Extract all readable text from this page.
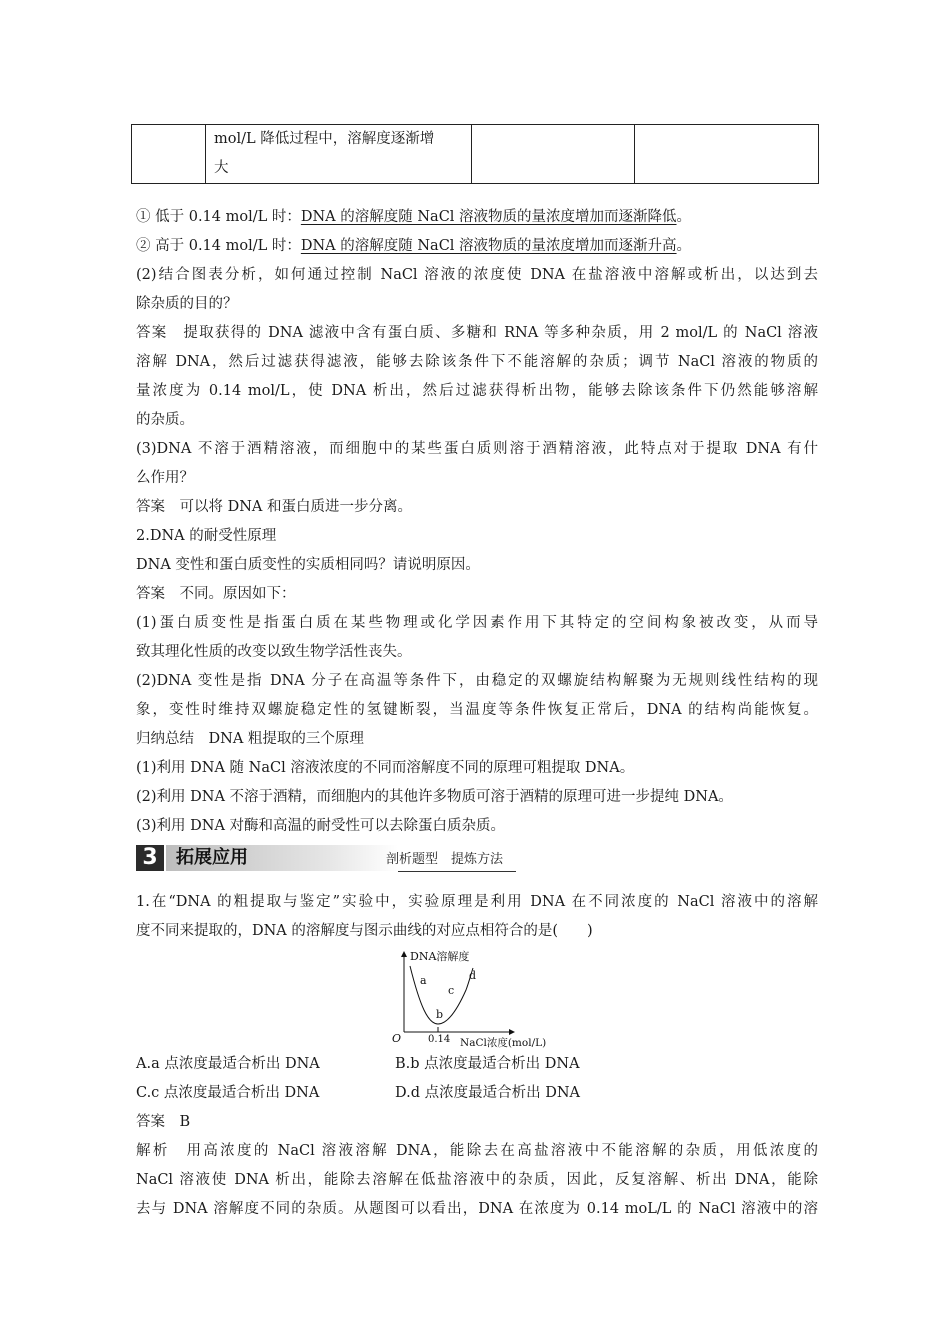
mol/L 降低过程中，溶解度逐渐增
大

① 低于 0.14 mol/L 时：DNA 的溶解度随 NaCl 溶液物质的量浓度增加而逐渐降低。
② 高于 0.14 mol/L 时：DNA 的溶解度随 NaCl 溶液物质的量浓度增加而逐渐升高。
(2)结合图表分析，如何通过控制 NaCl 溶液的浓度使 DNA 在盐溶液中溶解或析出，以达到去
除杂质的目的？
答案　提取获得的 DNA 滤液中含有蛋白质、多糖和 RNA 等多种杂质，用 2 mol/L 的 NaCl 溶液
溶解 DNA，然后过滤获得滤液，能够去除该条件下不能溶解的杂质；调节 NaCl 溶液的物质的
量浓度为 0.14 mol/L，使 DNA 析出，然后过滤获得析出物，能够去除该条件下仍然能够溶解
的杂质。
(3)DNA 不溶于酒精溶液，而细胞中的某些蛋白质则溶于酒精溶液，此特点对于提取 DNA 有什
么作用？
答案　可以将 DNA 和蛋白质进一步分离。
2.DNA 的耐受性原理
DNA 变性和蛋白质变性的实质相同吗？请说明原因。
答案　不同。原因如下：
(1)蛋白质变性是指蛋白质在某些物理或化学因素作用下其特定的空间构象被改变，从而导
致其理化性质的改变以致生物学活性丧失。
(2)DNA 变性是指 DNA 分子在高温等条件下，由稳定的双螺旋结构解聚为无规则线性结构的现
象，变性时维持双螺旋稳定性的氢键断裂，当温度等条件恢复正常后，DNA 的结构尚能恢复。
归纳总结　DNA 粗提取的三个原理
(1)利用 DNA 随 NaCl 溶液浓度的不同而溶解度不同的原理可粗提取 DNA。
(2)利用 DNA 不溶于酒精，而细胞内的其他许多物质可溶于酒精的原理可进一步提纯 DNA。
(3)利用 DNA 对酶和高温的耐受性可以去除蛋白质杂质。
3	拓展应用	剖析题型　提炼方法
1.在“DNA 的粗提取与鉴定”实验中，实验原理是利用 DNA 在不同浓度的 NaCl 溶液中的溶解
度不同来提取的，DNA 的溶解度与图示曲线的对应点相符合的是(　　)
DNA溶解度
O	0.14 NaCl浓度(mol/L)
a
b
c
d
A.a 点浓度最适合析出 DNA	B.b 点浓度最适合析出 DNA
C.c 点浓度最适合析出 DNA	D.d 点浓度最适合析出 DNA
答案　B
解析　用高浓度的 NaCl 溶液溶解 DNA，能除去在高盐溶液中不能溶解的杂质，用低浓度的
NaCl 溶液使 DNA 析出，能除去溶解在低盐溶液中的杂质，因此，反复溶解、析出 DNA，能除
去与 DNA 溶解度不同的杂质。从题图可以看出，DNA 在浓度为 0.14 moL/L 的 NaCl 溶液中的溶
